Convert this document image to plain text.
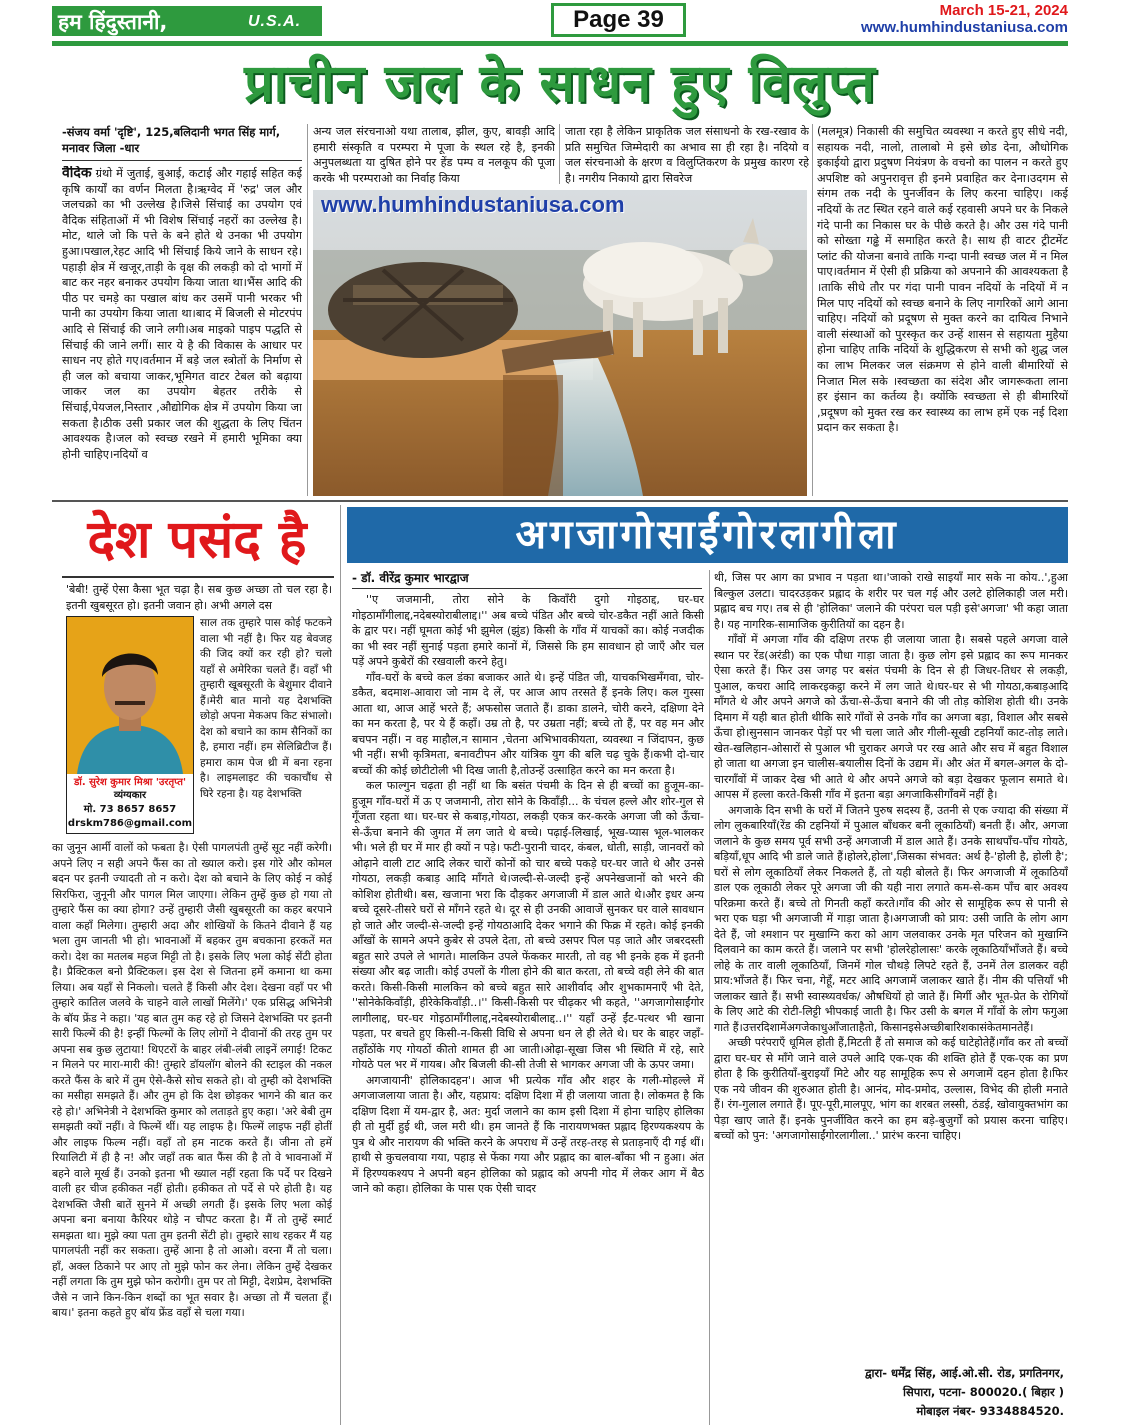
हम हिंदुस्तानी,	U.S.A.	Page 39	March 15-21, 2024
www.humhindustaniusa.com
प्राचीन जल के साधन हुए विलुप्त
-संजय वर्मा 'दृष्टि', 125,बलिदानी भगत सिंह मार्ग, मनावर जिला -धार

वैदिक ग्रंथो में जुताई, बुआई, कटाई और गहाई सहित कई कृषि कार्यों का वर्णन मिलता है।ऋग्वेद में 'रुद्र' जल और जलचक्रो का भी उल्लेख है।जिसे सिंचाई का उपयोग एवं वैदिक संहिताओं में भी विशेष सिंचाई नहरों का उल्लेख है।मोट, थाले जो कि पत्ते के बने होते थे उनका भी उपयोग हुआ।पखाल,रेहट आदि भी सिंचाई किये जाने के साधन रहे।पहाड़ी क्षेत्र में खजूर,ताड़ी के वृक्ष की लकड़ी को दो भागों में बाट कर नहर बनाकर उपयोग किया जाता था।भैंस आदि की पीठ पर चमड़े का पखाल बांध कर उसमें पानी भरकर भी पानी का उपयोग किया जाता था।बाद में बिजली से मोटरपंप आदि से सिंचाई की जाने लगी।अब माइको पाइप पद्धति से सिंचाई की जाने लगीं। सार ये है की विकास के आधार पर साधन नए होते गए।वर्तमान में बड़े जल स्त्रोतों के निर्माण से ही जल को बचाया जाकर,भूमिगत वाटर टेबल को बढ़ाया जाकर जल का उपयोग बेहतर तरीके से सिंचाई,पेयजल,निस्तार ,औद्योगिक क्षेत्र में उपयोग किया जा सकता है।ठीक उसी प्रकार जल की शुद्धता के लिए चिंतन आवश्यक है।जल को स्वच्छ रखने में हमारी भूमिका क्या होनी चाहिए।नदियों व

अन्य जल संरचनाओ यथा तालाब, झील, कुए, बावड़ी आदि हमारी संस्कृति व परम्परा मे पूजा के स्थल रहे है, इनकी अनुपलब्धता या दुषित होने पर हेंड पम्प व नलकूप की पूजा करके भी परम्पराओ का निर्वाह किया
जाता रहा है लेकिन प्राकृतिक जल संसाधनो के रख-रखाव के प्रति समुचित जिम्मेदारी का अभाव सा ही रहा है। नदियो व जल संरचनाओ के क्षरण व विलुप्तिकरण के प्रमुख कारण रहे है। नगरीय निकायो द्वारा सिवरेज
(मलमूत्र) निकासी की समुचित व्यवस्था न करते हुए सीधे नदी, सहायक नदी, नालो, तालाबो मे इसे छोड देना, औधोगिक इकाईयो द्वारा प्रदुषण नियंत्रण के वचनो का पालन न करते हुए अपशिष्ट को अपुनरावृत्त ही इनमे प्रवाहित कर देना।उदगम से संगम तक नदी के पुनर्जीवन के लिए करना चाहिए। ।कई नदियों के तट स्थित रहने वाले कई रहवासी अपने घर के निकले गंदे पानी का निकास घर के पीछे करते है। और उस गंदे पानी को सोख्ता गढ्ढे में समाहित करते है। साथ ही वाटर ट्रीटमेंट प्लांट की योजना बनावे ताकि गन्दा पानी स्वच्छ जल में न मिल पाए।वर्तमान में ऐसी ही प्रक्रिया को अपनाने की आवश्यकता है ।ताकि सीधे तौर पर गंदा पानी पावन नदियों के नदियों में न मिल पाए नदियों को स्वच्छ बनाने के लिए नागरिकों आगे आना चाहिए। नदियों को प्रदूषण से मुक्त करने का दायित्व निभाने वाली संस्थाओं को पुरस्कृत कर उन्हें शासन से सहायता मुहैया होना चाहिए ताकि नदियों के शुद्धिकरण से सभी को शुद्ध जल का लाभ मिलकर जल संक्रमण से होने वाली बीमारियों से निजात मिल सके ।स्वच्छता का संदेश और जागरूकता लाना हर इंसान का कर्तव्य है। क्योंकि स्वच्छता से ही बीमारियों ,प्रदूषण को मुक्त रख कर स्वास्थ्य का लाभ हमें एक नई दिशा प्रदान कर सकता है।
www.humhindustaniusa.com
देश पसंद है
'बेबी! तुम्हें ऐसा कैसा भूत चढ़ा है। सब कुछ अच्छा तो चल रहा है। इतनी खुबसूरत हो। इतनी जवान हो। अभी अगले दस
डॉ. सुरेश कुमार मिश्रा 'उरतृप्त'
व्यंग्यकार
मो. 73 8657 8657
drskm786@gmail.com
साल तक तुम्हारे पास कोई फटकने वाला भी नहीं है। फिर यह बेवजह की जिद क्यों कर रही हो? चलो यहाँ से अमेरिका चलते हैं। वहाँ भी तुम्हारी खूबसूरती के बेशुमार दीवाने हैं।मेरी बात मानो यह देशभक्ति छोड़ो अपना मेकअप किट संभालो। देश को बचाने का काम सैनिकों का है, हमारा नहीं। हम सेलिब्रिटीज हैं।हमारा काम पेज थ्री में बना रहना है। लाइमलाइट की चकाचौंध से घिरे रहना है। यह देशभक्ति
का जुनून आर्मी वालों को फबता है। ऐसी पागलपंती तुम्हें सूट नहीं करेगी। अपने लिए न सही अपने फैंस का तो ख्याल करो। इस गोरे और कोमल बदन पर इतनी ज्यादती तो न करो। देश को बचाने के लिए कोई न कोई सिरफिरा, जुनूनी और पागल मिल जाएगा। लेकिन तुम्हें कुछ हो गया तो तुम्हारे फैंस का क्या होगा? उन्हें तुम्हारी जैसी खुबसूरती का कहर बरपाने वाला कहाँ मिलेगा। तुम्हारी अदा और शोखियों के कितने दीवाने हैं यह भला तुम जानती भी हो। भावनाओं में बहकर तुम बचकाना हरकतें मत करो। देश का मतलब महज मिट्टी तो है। इसके लिए भला कोई सेंटी होता है। प्रैक्टिकल बनो प्रैक्टिकल। इस देश से जितना हमें कमाना था कमा लिया। अब यहाँ से निकलो। चलते हैं किसी और देश। देखना वहाँ पर भी तुम्हारे कातिल जलवे के चाहने वाले लाखों मिलेंगे।' एक प्रसिद्ध अभिनेत्री के बॉय फ्रेंड ने कहा। 'यह बात तुम कह रहे हो जिसने देशभक्ति पर इतनी सारी फिल्में की है! इन्हीं फिल्मों के लिए लोगों ने दीवानों की तरह तुम पर अपना सब कुछ लुटाया! थिएटरों के बाहर लंबी-लंबी लाइनें लगाई! टिकट न मिलने पर मारा-मारी की! तुम्हारे डॉयलॉग बोलने की स्टाइल की नकल करते फैंस के बारे में तुम ऐसे-कैसे सोच सकते हो। वो तुम्ही को देशभक्ति का मसीहा समझते हैं। और तुम हो कि देश छोड़कर भागने की बात कर रहे हो।' अभिनेत्री ने देशभक्ति कुमार को लताड़ते हुए कहा। 'अरे बेबी तुम समझती क्यों नहीं। वे फिल्में थीं। यह लाइफ है। फिल्में लाइफ नहीं होतीं और लाइफ फिल्म नहीं। वहाँ तो हम नाटक करते हैं। जीना तो हमें रियालिटी में ही है न! और जहाँ तक बात फैंस की है तो वे भावनाओं में बहने वाले मूर्ख हैं। उनको इतना भी ख्याल नहीं रहता कि पर्दे पर दिखने वाली हर चीज हकीकत नहीं होती। हकीकत तो पर्दे से परे होती है। यह देशभक्ति जैसी बातें सुनने में अच्छी लगती हैं। इसके लिए भला कोई अपना बना बनाया कैरियर थोड़े न चौपट करता है। मैं तो तुम्हें स्मार्ट समझता था। मुझे क्या पता तुम इतनी सेंटी हो। तुम्हारे साथ रहकर मैं यह पागलपंती नहीं कर सकता। तुम्हें आना है तो आओ। वरना मैं तो चला। हाँ, अक्ल ठिकाने पर आए तो मुझे फोन कर लेना। लेकिन तुम्हें देखकर नहीं लगता कि तुम मुझे फोन करोगी। तुम पर तो मिट्टी, देशप्रेम, देशभक्ति जैसे न जाने किन-किन शब्दों का भूत सवार है। अच्छा तो मैं चलता हूँ। बाय।' इतना कहते हुए बॉय फ्रेंड वहाँ से चला गया।
अगजागोसाईंगोरलागीला
- डॉ. वीरेंद्र कुमार भारद्वाज

''ए जजमानी, तोरा सोने के किवाँरी दुगो गोइठाद्द, घर-घर गोइठामाँगीलाद्द,नदेबस्योराबीलाद्द।'' अब बच्चे पंडित और बच्चे चोर-डकैत नहीं आते किसी के द्वार पर। नहीं घूमता कोई भी झुमेल (झुंड) किसी के गाँव में याचकों का। कोई नजदीक का भी स्वर नहीं सुनाई पड़ता हमारे कानों में, जिससे कि हम सावधान हो जाएँ और चल पड़ें अपने कुबेरों की रखवाली करने हेतु।

गाँव-घरों के बच्चे कल डंका बजाकर आते थे। इन्हें पंडित जी, याचकभिखमँगवा, चोर-डकैत, बदमाश-आवारा जो नाम दे लें, पर आज आप तरसते हैं इनके लिए। कल गुस्सा आता था, आज आहें भरते हैं; अफसोस जताते हैं। डाका डालने, चोरी करने, दक्षिणा देने का मन करता है, पर ये हैं कहाँ। उम्र तो है, पर उम्रता नहीं; बच्चे तो हैं, पर वह मन और बचपन नहीं। न वह माहौल,न सामान ,चेतना अभिभावकीयता, व्यवस्था न जिंदापन, कुछ भी नहीं। सभी कृत्रिमता, बनावटीपन और यांत्रिक युग की बलि चढ़ चुके हैं।कभी दो-चार बच्चों की कोई छोटीटोली भी दिख जाती है,तोउन्हें उत्साहित करने का मन करता है।

कल फाल्गुन चढ़ता ही नहीं था कि बसंत पंचमी के दिन से ही बच्चों का हुजूम-का-हुजूम गाँव-घरों में ऊ ए जजमानी, तोरा सोने के किवाँड़ी... के चंचल हल्ले और शोर-गुल से गूँजता रहता था। घर-घर से कबाड़,गोयठा, लकड़ी एकत्र कर-करके अगजा जी को ऊँचा-से-ऊँचा बनाने की जुगत में लग जाते थे बच्चे। पढ़ाई-लिखाई, भूख-प्यास भूल-भालकर भी। भले ही घर में मार ही क्यों न पड़े। फटी-पुरानी चादर, कंबल, धोती, साड़ी, जानवरों को ओढ़ाने वाली टाट आदि लेकर चारों कोनों को चार बच्चे पकड़े घर-घर जाते थे और उनसे गोयठा, लकड़ी कबाड़ आदि माँगते थे।जल्दी-से-जल्दी इन्हें अपनेखजानों को भरने की कोशिश होतीथी। बस, खजाना भरा कि दौड़कर अगजाजी में डाल आते थे।और इधर अन्य बच्चे दूसरे-तीसरे घरों से माँगने रहते थे। दूर से ही उनकी आवाजें सुनकर घर वाले सावधान हो जाते और जल्दी-से-जल्दी इन्हें गोयठाआदि देकर भगाने की फिक्र में रहते। कोई इनकी आँखों के सामने अपने कुबेर से उपले देता, तो बच्चे उसपर पिल पड़ जाते और जबरदस्ती बहुत सारे उपले ले भागते। मालकिन उपले फेंककर मारती, तो वह भी इनके हक में इतनी संख्या और बढ़ जाती। कोई उपलों के गीला होने की बात करता, तो बच्चे वही लेने की बात करते। किसी-किसी मालकिन को बच्चे बहुत सारे आशीर्वाद और शुभकामनाएँ भी देते, ''सोनेकेकिवाँड़ी, हीरेकेकिवाँड़ी..।'' किसी-किसी पर चीढ़कर भी कहते, ''अगजागोसाईंगोर लागीलाद्द, घर-घर गोइठामाँगीलाद्द,नदेबस्योराबीलाद्द..।'' यहाँ उन्हें ईंट-पत्थर भी खाना पड़ता, पर बचते हुए किसी-न-किसी विधि से अपना धन ले ही लेते थे। घर के बाहर जहाँ-तहाँठोंके गए गोयठों कीतो शामत ही आ जाती।ओढ़ा-सूखा जिस भी स्थिति में रहे, सारे गोयठे पल भर में गायब। और बिजली की-सी तेजी से भागकर अगजा जी के ऊपर जमा।

अगजायानी' होलिकादहन'। आज भी प्रत्येक गाँव और शहर के गली-मोहल्ले में अगजाजलाया जाता है। और, यहप्राय: दक्षिण दिशा में ही जलाया जाता है। लोकमत है कि दक्षिण दिशा में यम-द्वार है, अत: मुर्दा जलाने का काम इसी दिशा में होना चाहिए होलिका ही तो मुर्दी हुई थी, जल मरी थी। हम जानते हैं कि नारायणभक्त प्रह्लाद हिरण्यकश्यप के पुत्र थे और नारायण की भक्ति करने के अपराध में उन्हें तरह-तरह से प्रताड़नाएँ दी गई थीं। हाथी से कुचलवाया गया, पहाड़ से फेंका गया और प्रह्लाद का बाल-बाँका भी न हुआ। अंत में हिरण्यकश्यप ने अपनी बहन होलिका को प्रह्लाद को अपनी गोद में लेकर आग में बैठ जाने को कहा। होलिका के पास एक ऐसी चादर

थी, जिस पर आग का प्रभाव न पड़ता था।'जाको राखे साइयाँ मार सके ना कोय..',हुआ बिल्कुल उलटा। चादरउड़कर प्रह्लाद के शरीर पर चल गई और उलटे होलिकाही जल मरी। प्रह्लाद बच गए। तब से ही 'होलिका' जलाने की परंपरा चल पड़ी इसे'अगजा' भी कहा जाता है। यह नागरिक-सामाजिक कुरीतियों का दहन है।

गाँवों में अगजा गाँव की दक्षिण तरफ ही जलाया जाता है। सबसे पहले अगजा वाले स्थान पर रेंड(अरंडी) का एक पौधा गाड़ा जाता है। कुछ लोग इसे प्रह्लाद का रूप मानकर ऐसा करते हैं। फिर उस जगह पर बसंत पंचमी के दिन से ही जिधर-तिधर से लकड़ी, पुआल, कचरा आदि लाकरइकट्ठा करने में लग जाते थे।घर-घर से भी गोयठा,कबाड़आदि माँगते थे और अपने अगजे को ऊँचा-से-ऊँचा बनाने की जी तोड़ कोशिश होती थी। उनके दिमाग में यही बात होती थीकि सारे गाँवों से उनके गाँव का अगजा बड़ा, विशाल और सबसे ऊँचा हो।सुनसान जानकर पेड़ों पर भी चला जाते और गीली-सूखी टहनियाँ काट-तोड़ लाते। खेत-खलिहान-ओसारों से पुआल भी चुराकर अगजे पर रख आते और सच में बहुत विशाल हो जाता था अगजा इन चालीस-बयालीस दिनों के उद्यम में। और अंत में बगल-अगल के दो-चारगाँवों में जाकर देख भी आते थे और अपने अगजे को बड़ा देखकर फूलान समाते थे। आपस में हल्ला करते-किसी गाँव में इतना बड़ा अगजाकिसीगाँवमें नहीं है।

अगजाके दिन सभी के घरों में जितने पुरुष सदस्य हैं, उतनी से एक ज्यादा की संख्या में लोग लुकबारियाँ(रेंड की टहनियों में पुआल बाँधकर बनी लूकाठियाँ) बनती हैं। और, अगजा जलाने के कुछ समय पूर्व सभी उन्हें अगजाजी में डाल आते हैं। उनके साथपाँच-पाँच गोयठे, बड़ियाँ,धूप आदि भी डाले जाते हैं।होलरे,होला',जिसका संभवत: अर्थ है-'होली है, होली है'; घरों से लोग लूकाठियाँ लेकर निकलते हैं, तो यही बोलते हैं। फिर अगजाजी में लूकाठियाँ डाल एक लूकाठी लेकर पूरे अगजा जी की यही नारा लगाते कम-से-कम पाँच बार अवश्य परिक्रमा करते हैं। बच्चे तो गिनती कहाँ करते।गाँव की ओर से सामूहिक रूप से पानी से भरा एक घड़ा भी अगजाजी में गाड़ा जाता है।अगजाजी को प्राय: उसी जाति के लोग आग देते हैं, जो श्मशान पर मुखाग्नि करा को आग जलवाकर उनके मृत परिजन को मुखाग्नि दिलवाने का काम करते हैं। जलाने पर सभी 'होलरेहोलासः' करके लूकाठियाँभाँजते हैं। बच्चे लोहे के तार वाली लूकाठियाँ, जिनमें गोल चौथड़े लिपटे रहते हैं, उनमें तेल डालकर वही प्राय:भाँजते हैं। फिर चना, गेहूँ, मटर आदि अगजामें जलाकर खाते हैं। नीम की पत्तियाँ भी जलाकर खाते हैं। सभी स्वास्थ्यवर्धक/ औषधियों हो जाते हैं। मिर्गी और भूत-प्रेत के रोगियों के लिए आटे की रोटी-लिट्टी भीपकाई जाती है। फिर उसी के बगल में गाँवों के लोग फगुआ गाते हैं।उत्तरदिशामेंअगजेकाधुआँजाताहैतो, किसानइसेअच्छीबारिशकासंकेतमानतेहैं।

अच्छी परंपराएँ धूमिल होती हैं,मिटती हैं तो समाज को कई घाटेहोतेहैं।गाँव कर तो बच्चों द्वारा घर-घर से माँगे जाने वाले उपले आदि एक-एक की शक्ति होते हैं एक-एक का प्रण होता है कि कुरीतियाँ-बुराइयाँ मिटे और यह सामूहिक रूप से अगजामें दहन होता है।फिर एक नये जीवन की शुरुआत होती है। आनंद, मोद-प्रमोद, उल्लास, विभेद की होली मनाते हैं। रंग-गुलाल लगाते हैं। पूए-पूरी,मालपूए, भांग का शरबत लस्सी, ठंडई, खोवायुक्तभांग का पेड़ा खाए जाते हैं। इनके पुनर्जीवित करने का हम बड़े-बुजुर्गों को प्रयास करना चाहिए। बच्चों को पुन: 'अगजागोसाईंगोरलागीला..' प्रारंभ करना चाहिए।

द्वारा- धर्मेंद्र सिंह, आई.ओ.सी. रोड, प्रगतिनगर,
सिपारा, पटना- 800020.( बिहार )
मोबाइल नंबर- 9334884520.
